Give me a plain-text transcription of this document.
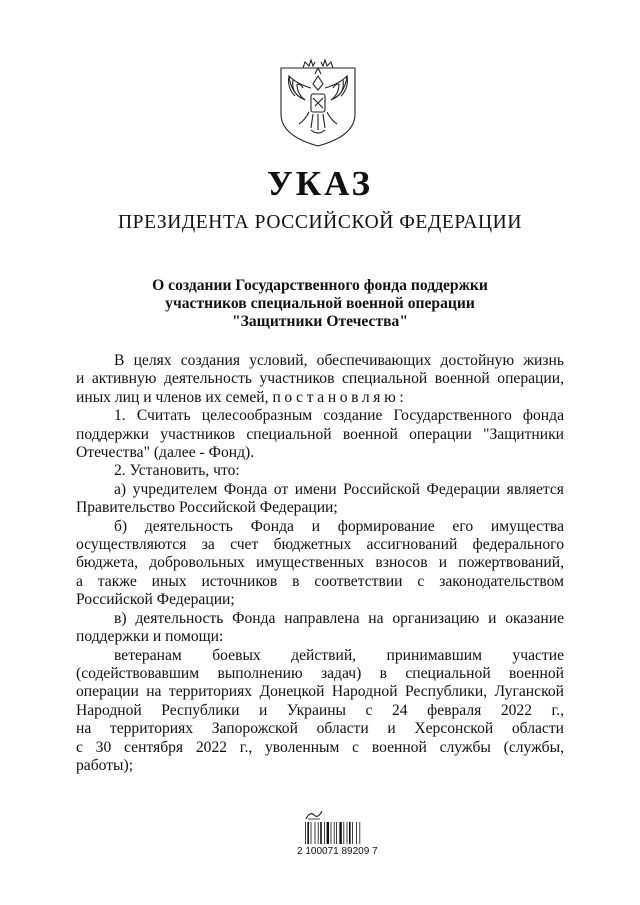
УКАЗ
ПРЕЗИДЕНТА РОССИЙСКОЙ ФЕДЕРАЦИИ
О создании Государственного фонда поддержки
участников специальной военной операции
"Защитники Отечества"
В целях создания условий, обеспечивающих достойную жизнь
и активную деятельность участников специальной военной операции,
иных лиц и членов их семей, постановляю:
1. Считать целесообразным создание Государственного фонда
поддержки участников специальной военной операции "Защитники
Отечества" (далее - Фонд).
2. Установить, что:
а) учредителем Фонда от имени Российской Федерации является
Правительство Российской Федерации;
б) деятельность Фонда и формирование его имущества
осуществляются за счет бюджетных ассигнований федерального
бюджета, добровольных имущественных взносов и пожертвований,
а также иных источников в соответствии с законодательством
Российской Федерации;
в) деятельность Фонда направлена на организацию и оказание
поддержки и помощи:
ветеранам боевых действий, принимавшим участие
(содействовавшим выполнению задач) в специальной военной
операции на территориях Донецкой Народной Республики, Луганской
Народной Республики и Украины с 24 февраля 2022 г.,
на территориях Запорожской области и Херсонской области
с 30 сентября 2022 г., уволенным с военной службы (службы,
работы);
2 100071 89209 7
